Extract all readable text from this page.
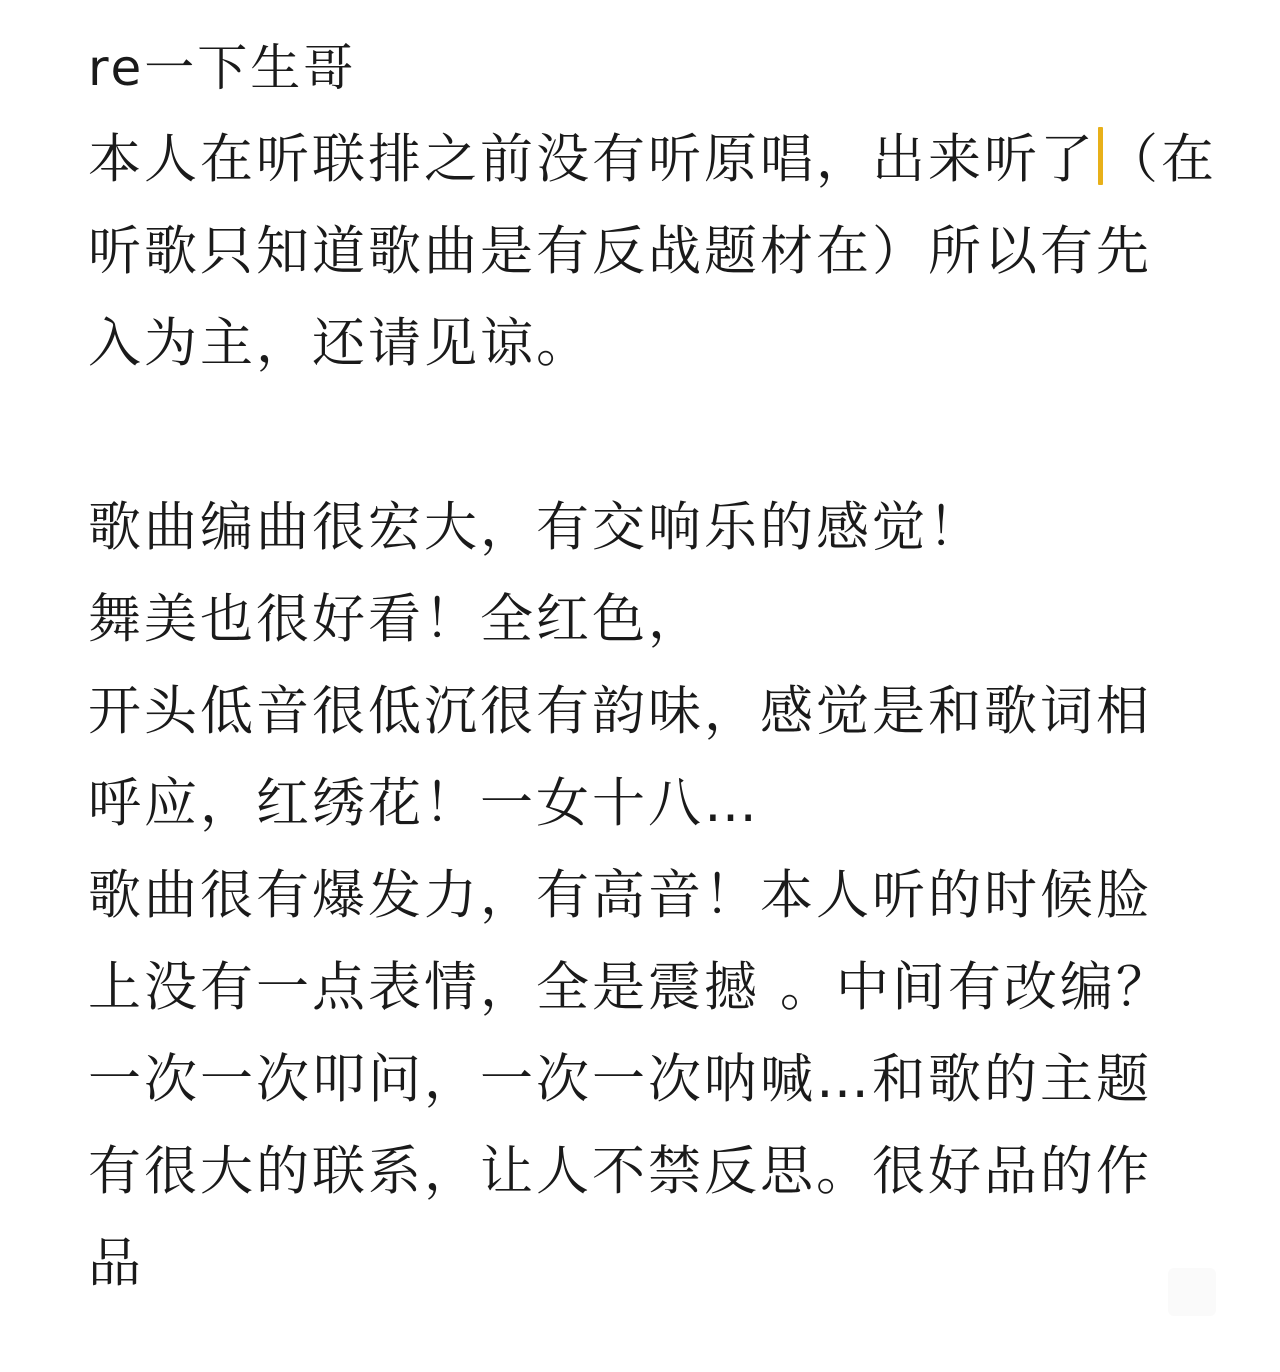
re一下生哥
本人在听联排之前没有听原唱，出来听了 （在
听歌只知道歌曲是有反战题材在）所以有先
入为主，还请见谅。
歌曲编曲很宏大，有交响乐的感觉！
舞美也很好看！全红色，
开头低音很低沉很有韵味，感觉是和歌词相
呼应，红绣花！一女十八…
歌曲很有爆发力，有高音！本人听的时候脸
上没有一点表情，全是震撼 。中间有改编？
一次一次叩问，一次一次呐喊…和歌的主题
有很大的联系，让人不禁反思。很好品的作
品
